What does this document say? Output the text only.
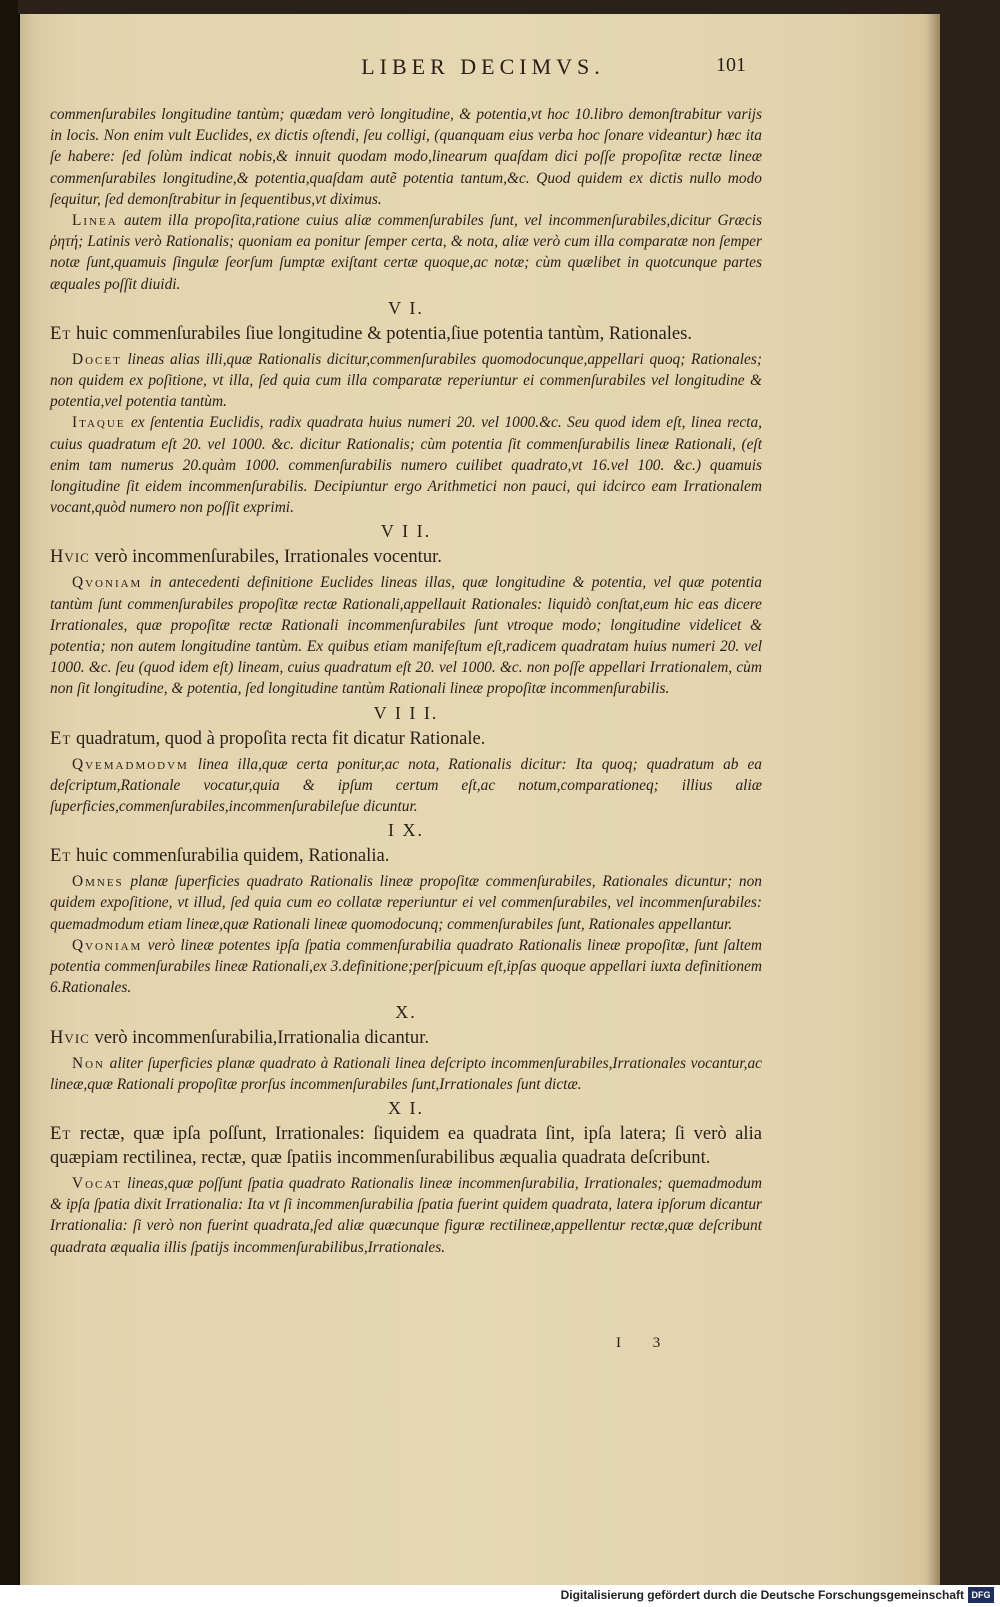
LIBER DECIMVS.	101

commenſurabiles longitudine tantùm; quædam verò longitudine, & potentia,vt hoc 10.libro demonſtrabitur varijs in locis. Non enim vult Euclides, ex dictis oſtendi, ſeu colligi, (quanquam eius verba hoc ſonare videantur) hæc ita ſe habere: ſed ſolùm indicat nobis,& innuit quodam modo,linearum quaſdam dici poſſe propoſitæ rectæ lineæ commenſurabiles longitudine,& potentia,quaſdam autẽ potentia tantum,&c. Quod quidem ex dictis nullo modo ſequitur, ſed demonſtrabitur in ſequentibus,vt diximus.

Linea autem illa propoſita,ratione cuius aliæ commenſurabiles ſunt, vel incommenſurabiles,dicitur Græcis ῥητή; Latinis verò Rationalis; quoniam ea ponitur ſemper certa, & nota, aliæ verò cum illa comparatæ non ſemper notæ ſunt,quamuis ſingulæ ſeorſum ſumptæ exiſtant certæ quoque,ac notæ; cùm quælibet in quotcunque partes æquales poſſit diuidi.

V I.
Et huic commenſurabiles ſiue longitudine & potentia,ſiue potentia tantùm, Rationales.

Docet lineas alias illi,quæ Rationalis dicitur,commenſurabiles quomodocunque,appellari quoq; Rationales; non quidem ex poſitione, vt illa, ſed quia cum illa comparatæ reperiuntur ei commenſurabiles vel longitudine & potentia,vel potentia tantùm.

Itaque ex ſententia Euclidis, radix quadrata huius numeri 20. vel 1000.&c. Seu quod idem eſt, linea recta, cuius quadratum eſt 20. vel 1000. &c. dicitur Rationalis; cùm potentia ſit commenſurabilis lineæ Rationali, (eſt enim tam numerus 20.quàm 1000. commenſurabilis numero cuilibet quadrato,vt 16.vel 100. &c.) quamuis longitudine ſit eidem incommenſurabilis. Decipiuntur ergo Arithmetici non pauci, qui idcirco eam Irrationalem vocant,quòd numero non poſſit exprimi.

V I I.
Hvic verò incommenſurabiles, Irrationales vocentur.

Qvoniam in antecedenti definitione Euclides lineas illas, quæ longitudine & potentia, vel quæ potentia tantùm ſunt commenſurabiles propoſitæ rectæ Rationali,appellauit Rationales: liquidò conſtat,eum hic eas dicere Irrationales, quæ propoſitæ rectæ Rationali incommenſurabiles ſunt vtroque modo; longitudine videlicet & potentia; non autem longitudine tantùm. Ex quibus etiam manifeſtum eſt,radicem quadratam huius numeri 20. vel 1000. &c. ſeu (quod idem eſt) lineam, cuius quadratum eſt 20. vel 1000. &c. non poſſe appellari Irrationalem, cùm non ſit longitudine, & potentia, ſed longitudine tantùm Rationali lineæ propoſitæ incommenſurabilis.

V I I I.
Et quadratum, quod à propoſita recta fit dicatur Rationale.

Qvemadmodvm linea illa,quæ certa ponitur,ac nota, Rationalis dicitur: Ita quoq; quadratum ab ea deſcriptum,Rationale vocatur,quia & ipſum certum eſt,ac notum,comparationeq; illius aliæ ſuperficies,commenſurabiles,incommenſurabileſue dicuntur.

I X.
Et huic commenſurabilia quidem, Rationalia.

Omnes planæ ſuperficies quadrato Rationalis lineæ propoſitæ commenſurabiles, Rationales dicuntur; non quidem expoſitione, vt illud, ſed quia cum eo collatæ reperiuntur ei vel commenſurabiles, vel incommenſurabiles: quemadmodum etiam lineæ,quæ Rationali lineæ quomodocunq; commenſurabiles ſunt, Rationales appellantur.

Qvoniam verò lineæ potentes ipſa ſpatia commenſurabilia quadrato Rationalis lineæ propoſitæ, ſunt ſaltem potentia commenſurabiles lineæ Rationali,ex 3.definitione;perſpicuum eſt,ipſas quoque appellari iuxta definitionem 6.Rationales.

X.
Hvic verò incommenſurabilia,Irrationalia dicantur.

Non aliter ſuperficies planæ quadrato à Rationali linea deſcripto incommenſurabiles,Irrationales vocantur,ac lineæ,quæ Rationali propoſitæ prorſus incommenſurabiles ſunt,Irrationales ſunt dictæ.

X I.
Et rectæ, quæ ipſa poſſunt, Irrationales: ſiquidem ea quadrata ſint, ipſa latera; ſi verò alia quæpiam rectilinea, rectæ, quæ ſpatiis incommenſurabilibus æqualia quadrata deſcribunt.

Vocat lineas,quæ poſſunt ſpatia quadrato Rationalis lineæ incommenſurabilia, Irrationales; quemadmodum & ipſa ſpatia dixit Irrationalia: Ita vt ſi incommenſurabilia ſpatia fuerint quidem quadrata, latera ipſorum dicantur Irrationalia: ſi verò non fuerint quadrata,ſed aliæ quæcunque figuræ rectilineæ,appellentur rectæ,quæ deſcribunt quadrata æqualia illis ſpatijs incommenſurabilibus,Irrationales.

I 3
Digitalisierung gefördert durch die Deutsche Forschungsgemeinschaft DFG
